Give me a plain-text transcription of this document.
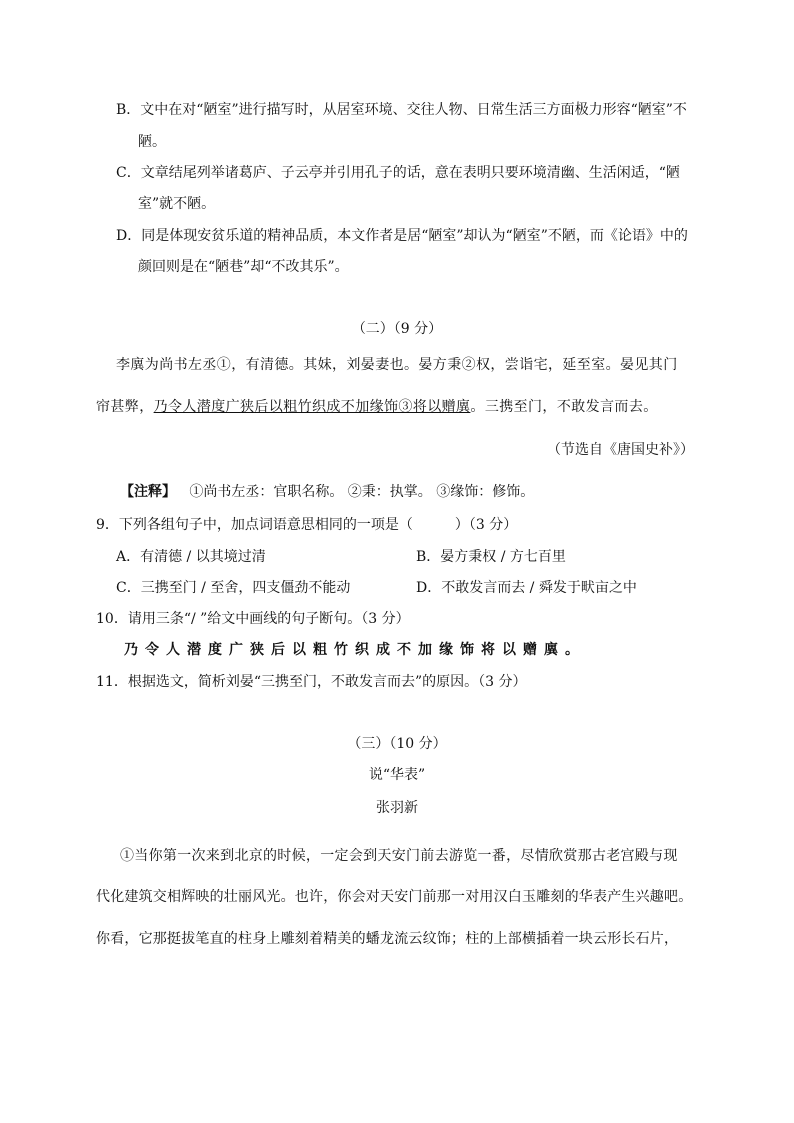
B．文中在对“陋室”进行描写时，从居室环境、交往人物、日常生活三方面极力形容“陋室”不
陋。
C．文章结尾列举诸葛庐、子云亭并引用孔子的话，意在表明只要环境清幽、生活闲适，“陋
室”就不陋。
D．同是体现安贫乐道的精神品质，本文作者是居“陋室”却认为“陋室”不陋，而《论语》中的
颜回则是在“陋巷”却“不改其乐”。
（二）（9 分）
李廙为尚书左丞①，有清德。其妹，刘晏妻也。晏方秉②权，尝诣宅，延至室。晏见其门
帘甚弊，乃令人潜度广狭后以粗竹织成不加缘饰③将以赠廙。三携至门，不敢发言而去。
（节选自《唐国史补》）
【注释】 ①尚书左丞：官职名称。 ②秉：执掌。 ③缘饰：修饰。
9．下列各组句子中，加点词语意思相同的一项是（　　　）（3 分）
A．有清德 / 以其境过清	B．晏方秉权 / 方七百里
C．三携至门 / 至舍，四支僵劲不能动	D．不敢发言而去 / 舜发于畎亩之中
10．请用三条“/ ”给文中画线的句子断句。（3 分）
乃令人潜度广狭后以粗竹织成不加缘饰将以赠廙。
11．根据选文，简析刘晏“三携至门，不敢发言而去”的原因。（3 分）
（三）（10 分）
说“华表”
张羽新
①当你第一次来到北京的时候，一定会到天安门前去游览一番，尽情欣赏那古老宫殿与现
代化建筑交相辉映的壮丽风光。也许，你会对天安门前那一对用汉白玉雕刻的华表产生兴趣吧。
你看，它那挺拔笔直的柱身上雕刻着精美的蟠龙流云纹饰；柱的上部横插着一块云形长石片，
